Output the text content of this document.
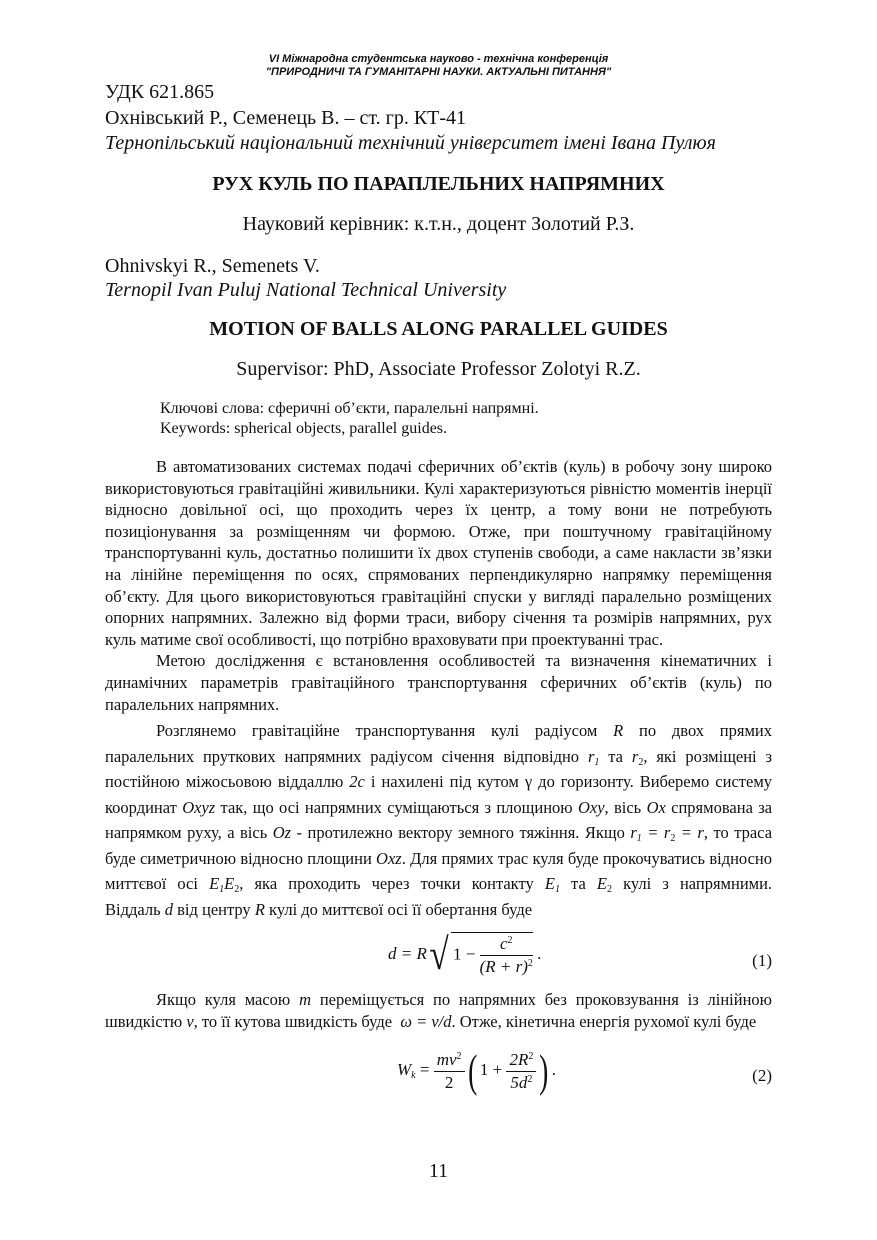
VI Міжнародна студентська науково - технічна конференція
"ПРИРОДНИЧІ ТА ГУМАНІТАРНІ НАУКИ. АКТУАЛЬНІ ПИТАННЯ"
УДК 621.865
Охнівський Р., Семенець В. – ст. гр. КТ-41
Тернопільський національний технічний університет імені Івана Пулюя
РУХ КУЛЬ ПО ПАРАПЛЕЛЬНИХ НАПРЯМНИХ
Науковий керівник: к.т.н., доцент Золотий Р.З.
Ohnivskyi R., Semenets V.
Ternopil Ivan Puluj National Technical University
MOTION OF BALLS ALONG PARALLEL GUIDES
Supervisor: PhD, Associate Professor Zolotyi R.Z.
Ключові слова: сферичні об’єкти, паралельні напрямні.
Keywords: spherical objects, parallel guides.

В автоматизованих системах подачі сферичних об’єктів (куль) в робочу зону широко використовуються гравітаційні живильники. Кулі характеризуються рівністю моментів інерції відносно довільної осі, що проходить через їх центр, а тому вони не потребують позиціонування за розміщенням чи формою. Отже, при поштучному гравітаційному транспортуванні куль, достатньо полишити їх двох ступенів свободи, а саме накласти зв’язки на лінійне переміщення по осях, спрямованих перпендикулярно напрямку переміщення об’єкту. Для цього використовуються гравітаційні спуски у вигляді паралельно розміщених опорних напрямних. Залежно від форми траси, вибору січення та розмірів напрямних, рух куль матиме свої особливості, що потрібно враховувати при проектуванні трас.

Метою дослідження є встановлення особливостей та визначення кінематичних і динамічних параметрів гравітаційного транспортування сферичних об’єктів (куль) по паралельних напрямних.

Розглянемо гравітаційне транспортування кулі радіусом R по двох прямих паралельних пруткових напрямних радіусом січення відповідно $r_1$ та $r_2$, які розміщені з постійною міжосьовою віддаллю 2c і нахилені під кутом γ до горизонту. Виберемо систему координат Oxyz так, що осі напрямних суміщаються з площиною Oxy, вісь Ox спрямована за напрямком руху, а вісь Oz - протилежно вектору земного тяжіння. Якщо $r_1 = r_2 = r$, то траса буде симетричною відносно площини Oxz. Для прямих трас куля буде прокочуватись відносно миттєвої осі $E_1E_2$, яка проходить через точки контакту $E_1$ та $E_2$ кулі з напрямними. Віддаль d від центру R кулі до миттєвої осі її обертання буде

d = R√ $1 - \frac{c^2}{(R + r)^2}$ .	(1)

Якщо куля масою m переміщується по напрямних без проковзування із лінійною швидкістю v, то її кутова швидкість буде ω = v/d. Отже, кінетична енергія рухомої кулі буде

$W_k = \frac{mv^2}{2}$ ( $1 + \frac{2R^2}{5d^2}$ ) .	(2)
11
